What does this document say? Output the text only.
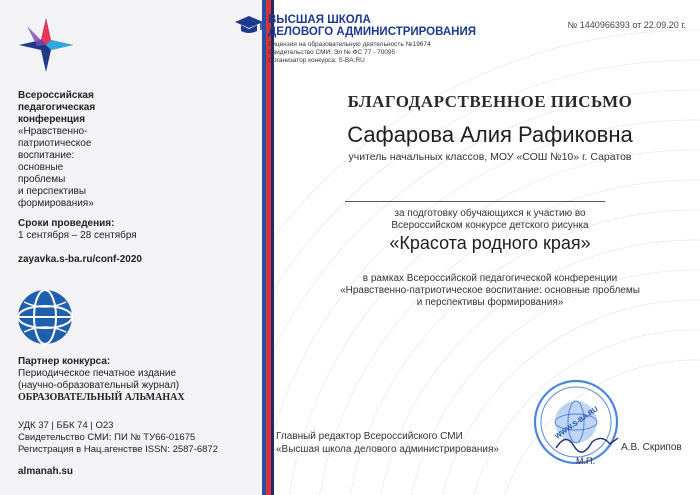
Всероссийская
педагогическая
конференция
«Нравственно-
патриотическое
воспитание:
основные
проблемы
и перспективы
формирования»
Сроки проведения:
1 сентября – 28 сентября
zayavka.s-ba.ru/conf-2020
Партнер конкурса:
Периодическое печатное издание
(научно-образовательный журнал)
ОБРАЗОВАТЕЛЬНЫЙ АЛЬМАНАХ
УДК 37 | ББК 74 | О23
Свидетельство СМИ: ПИ № ТУ66-01675
Регистрация в Нац.агенстве ISSN: 2587-6872
almanah.su
ВЫСШАЯ ШКОЛА
ДЕЛОВОГО АДМИНИСТРИРОВАНИЯ
Лицензия на образовательную деятельность №19674
Свидетельство СМИ: Эл № ФС 77 - 70095
Организатор конкурса: S-BA.RU
№ 1440966393 от 22.09.20 г.
БЛАГОДАРСТВЕННОЕ ПИСЬМО
Сафарова Алия Рафиковна
учитель начальных классов, МОУ «СОШ №10» г. Саратов
за подготовку обучающихся к участию во
Всероссийском конкурсе детского рисунка
«Красота родного края»
в рамках Всероссийской педагогической конференции
«Нравственно-патриотическое воспитание: основные проблемы
и перспективы формирования»
Главный редактор Всероссийского СМИ
«Высшая школа делового администрирования»
WWW.S-BA.RU
М.П.
А.В. Скрипов
